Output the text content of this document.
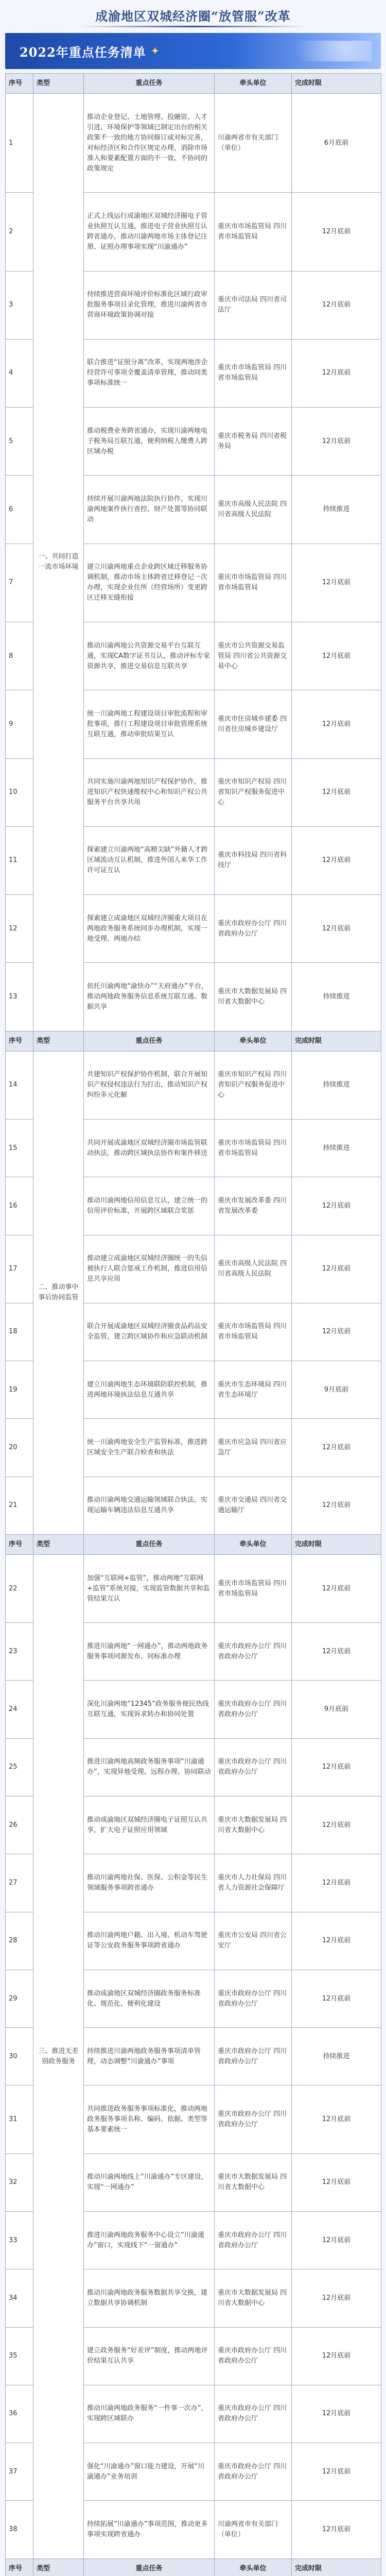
成渝地区双城经济圈“放管服”改革
2022年重点任务清单 ✦
序号	类型	重点任务	牵头单位	完成时限
1	一、共同打造一流市场环境	推动企业登记、土地管理、投融资、人才引进、环境保护等领域已制定出台的相关政策不一致的地方协同修订或对标完善，对标经济区和合作区规定办理，消除市场准入和要素配置方面的不一致、不协同的政策规定	川渝两省市有关部门（单位）	6月底前
2		正式上线运行成渝地区双城经济圈电子营业执照互认互通，推进电子营业执照互认跨省通办，推动川渝两地市场主体登记注册、证照办理事项实现“川渝通办”	重庆市市场监管局 四川省市场监管局	12月底前
3		持续推进营商环境评价标准化区域行政审批服务事项目录化管理，推进川渝两省市营商环境政策协调对接	重庆市司法局 四川省司法厅	12月底前
4		联合推进“证照分离”改革，实现两地涉企经营许可事项全覆盖清单管理，推动同类事项标准统一	重庆市市场监管局 四川省市场监管局	12月底前
5		推动税费业务跨省通办，实现川渝两地电子税务局互联互通，便利纳税人缴费人跨区域办税	重庆市税务局 四川省税务局	12月底前
6		持续开展川渝两地法院执行协作，实现川渝两地案件执行查控、财产处置等协同联动	重庆市高级人民法院 四川省高级人民法院	持续推进
7		建立川渝两地重点企业跨区域迁移服务协调机制，推动市场主体跨省迁移登记一次办理，实现企业住所（经营场所）变更跨区迁移无缝衔接	重庆市市场监管局 四川省市场监管局	12月底前
8		推动川渝两地公共资源交易平台互联互通，实现CA数字证书互认，推动评标专家资源共享，推进交易信息互联共享	重庆市公共资源交易监管局 四川省公共资源交易中心	12月底前
9		统一川渝两地工程建设项目审批流程和审批事项，推行工程建设项目审批管理系统互联互通，推动审批结果互认	重庆市住房城乡建委 四川省住房城乡建设厅	12月底前
10		共同实施川渝两地知识产权保护协作，推进知识产权快速维权中心和知识产权公共服务平台共享共用	重庆市知识产权局 四川省知识产权服务促进中心	12月底前
11		探索建立川渝两地“高精尖缺”外籍人才跨区域流动互认机制，推进外国人来华工作许可证互认	重庆市科技局 四川省科技厅	12月底前
12		探索建立成渝地区双城经济圈重大项目在两地政务服务系统同步办理机制，实现一地受理、两地办结	重庆市政府办公厅 四川省政府办公厅	12月底前
13		依托川渝两地“渝快办”“天府通办”平台，推动两地政务服务信息系统互联互通、数据共享	重庆市大数据发展局 四川省大数据中心	持续推进
序号	类型	重点任务	牵头单位	完成时限
14	二、推动事中事后协同监管	共建知识产权保护协作机制，联合开展知识产权侵权违法行为打击，推动知识产权纠纷多元化解	重庆市知识产权局 四川省知识产权服务促进中心	持续推进
15		共同开展成渝地区双城经济圈市场监管联动执法，推动跨区域执法协作和案件移送	重庆市市场监管局 四川省市场监管局	持续推进
16		推动川渝两地信用信息互认，建立统一的信用评价标准，开展跨区域联合奖惩	重庆市发展改革委 四川省发展改革委	12月底前
17		推动建立成渝地区双城经济圈统一的失信被执行人联合惩戒工作机制，推进信用信息共享应用	重庆市高级人民法院 四川省高级人民法院	12月底前
18		联合开展成渝地区双城经济圈食品药品安全监管，建立跨区域协作和应急联动机制	重庆市市场监管局 四川省市场监管局	12月底前
19		建立川渝两地生态环境联防联控机制，推进两地环境执法信息互通共享	重庆市生态环境局 四川省生态环境厅	9月底前
20		统一川渝两地安全生产监管标准，推进跨区域安全生产联合检查和执法	重庆市应急局 四川省应急厅	12月底前
21		推动川渝两地交通运输领域联合执法，实现运输车辆违法信息互通共享	重庆市交通局 四川省交通运输厅	12月底前
序号	类型	重点任务	牵头单位	完成时限
22	三、推进无差别政务服务	加强“互联网+监管”，推动两地“互联网+监管”系统对接，实现监管数据共享和监管结果互认	重庆市市场监管局 四川省市场监管局	12月底前
23		推进川渝两地“一网通办”，推动两地政务服务事项同源发布、同标准办理	重庆市政府办公厅 四川省政府办公厅	12月底前
24		深化川渝两地“12345”政务服务便民热线互联互通，实现诉求转办和协同处置	重庆市政府办公厅 四川省政府办公厅	9月底前
25		推进川渝两地高频政务服务事项“川渝通办”，实现异地受理、远程办理、协同联动	重庆市政府办公厅 四川省政府办公厅	12月底前
26		推动成渝地区双城经济圈电子证照互认共享，扩大电子证照应用领域	重庆市大数据发展局 四川省大数据中心	12月底前
27		推动川渝两地社保、医保、公积金等民生领域服务事项跨省通办	重庆市人力社保局 四川省人力资源社会保障厅	12月底前
28		推动川渝两地户籍、出入境、机动车驾驶证等公安政务服务事项跨省通办	重庆市公安局 四川省公安厅	12月底前
29		推动成渝地区双城经济圈政务服务标准化、规范化、便利化建设	重庆市政府办公厅 四川省政府办公厅	12月底前
30		持续推进川渝两地政务服务事项清单管理，动态调整“川渝通办”事项	重庆市政府办公厅 四川省政府办公厅	持续推进
31		共同推进政务服务事项标准化，推动两地政务服务事项名称、编码、依据、类型等基本要素统一	重庆市政府办公厅 四川省政府办公厅	12月底前
32		推动川渝两地线上“川渝通办”专区建设，实现“一网通办”	重庆市大数据发展局 四川省大数据中心	12月底前
33		推进川渝两地政务服务中心设立“川渝通办”窗口，实现线下“一窗通办”	重庆市政府办公厅 四川省政府办公厅	12月底前
34		推动川渝两地政务服务数据共享交换，建立数据共享协调机制	重庆市大数据发展局 四川省大数据中心	12月底前
35		建立政务服务“好差评”制度，推动两地评价结果互认共享	重庆市政府办公厅 四川省政府办公厅	12月底前
36		推动川渝两地政务服务“一件事一次办”，实现跨区域联办	重庆市政府办公厅 四川省政府办公厅	12月底前
37		强化“川渝通办”窗口能力建设，开展“川渝通办”业务培训	重庆市政府办公厅 四川省政府办公厅	12月底前
38		持续拓展“川渝通办”事项范围，推动更多事项实现跨省通办	川渝两省市有关部门（单位）	12月底前
序号	类型	重点任务	牵头单位	完成时限
